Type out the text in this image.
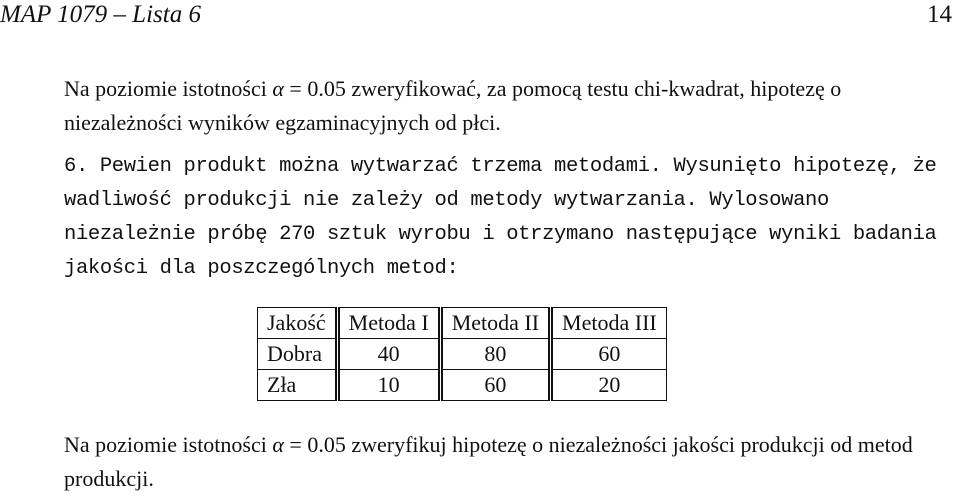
MAP 1079 – Lista 6	14

Na poziomie istotności α = 0.05 zweryfikować, za pomocą testu chi-kwadrat, hipotezę o niezależności wyników egzaminacyjnych od płci.

6. Pewien produkt można wytwarzać trzema metodami. Wysunięto hipotezę, że wadliwość produkcji nie zależy od metody wytwarzania. Wylosowano niezależnie próbę 270 sztuk wyrobu i otrzymano następujące wyniki badania jakości dla poszczególnych metod:

Jakość	Metoda I	Metoda II	Metoda III
Dobra	40	80	60
Zła	10	60	20

Na poziomie istotności α = 0.05 zweryfikuj hipotezę o niezależności jakości produkcji od metod produkcji.
